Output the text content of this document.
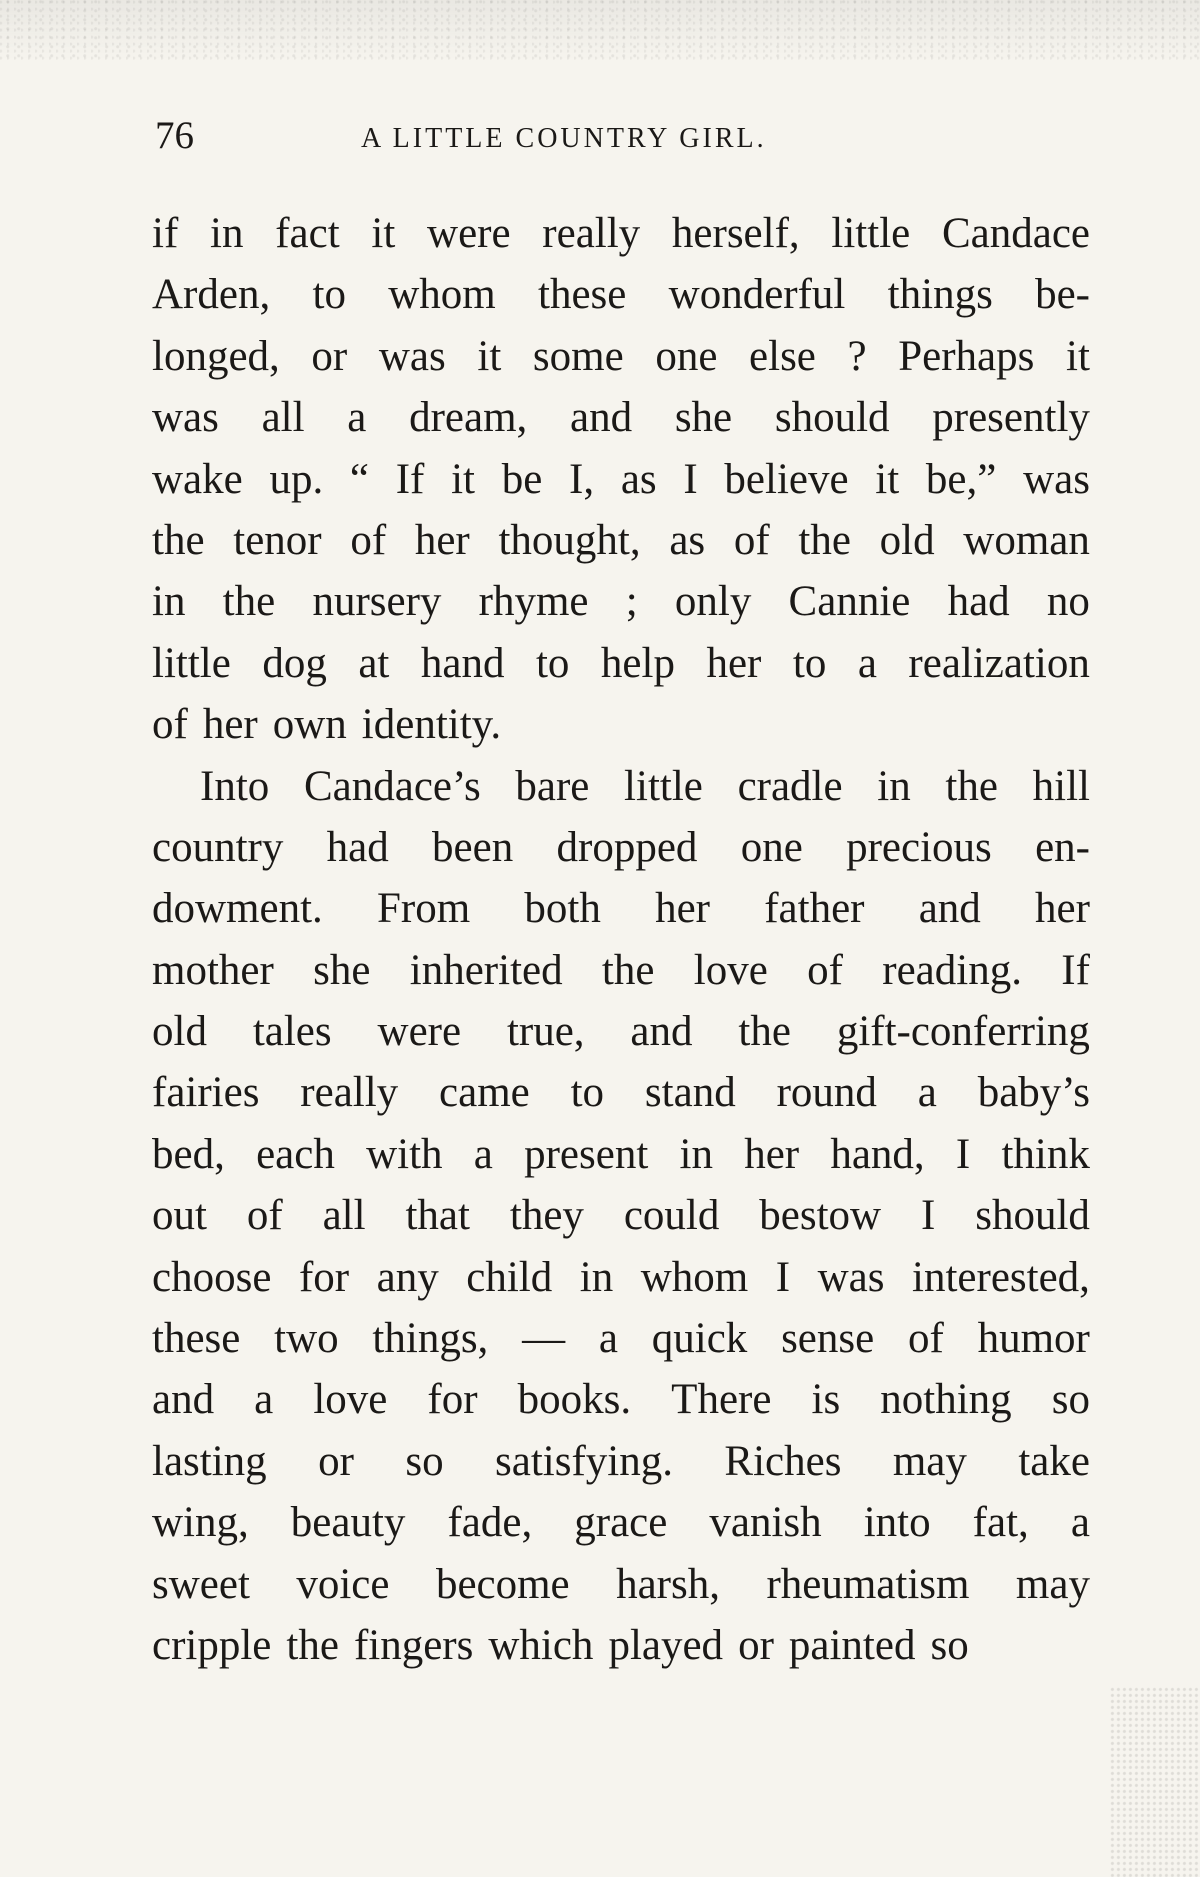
76	A LITTLE COUNTRY GIRL.
if in fact it were really herself, little Candace
Arden, to whom these wonderful things be-
longed, or was it some one else ? Perhaps it
was all a dream, and she should presently
wake up. “ If it be I, as I believe it be,” was
the tenor of her thought, as of the old woman
in the nursery rhyme ; only Cannie had no
little dog at hand to help her to a realization
of her own identity.
Into Candace’s bare little cradle in the hill
country had been dropped one precious en-
dowment. From both her father and her
mother she inherited the love of reading. If
old tales were true, and the gift-conferring
fairies really came to stand round a baby’s
bed, each with a present in her hand, I think
out of all that they could bestow I should
choose for any child in whom I was interested,
these two things, — a quick sense of humor
and a love for books. There is nothing so
lasting or so satisfying. Riches may take
wing, beauty fade, grace vanish into fat, a
sweet voice become harsh, rheumatism may
cripple the fingers which played or painted so
